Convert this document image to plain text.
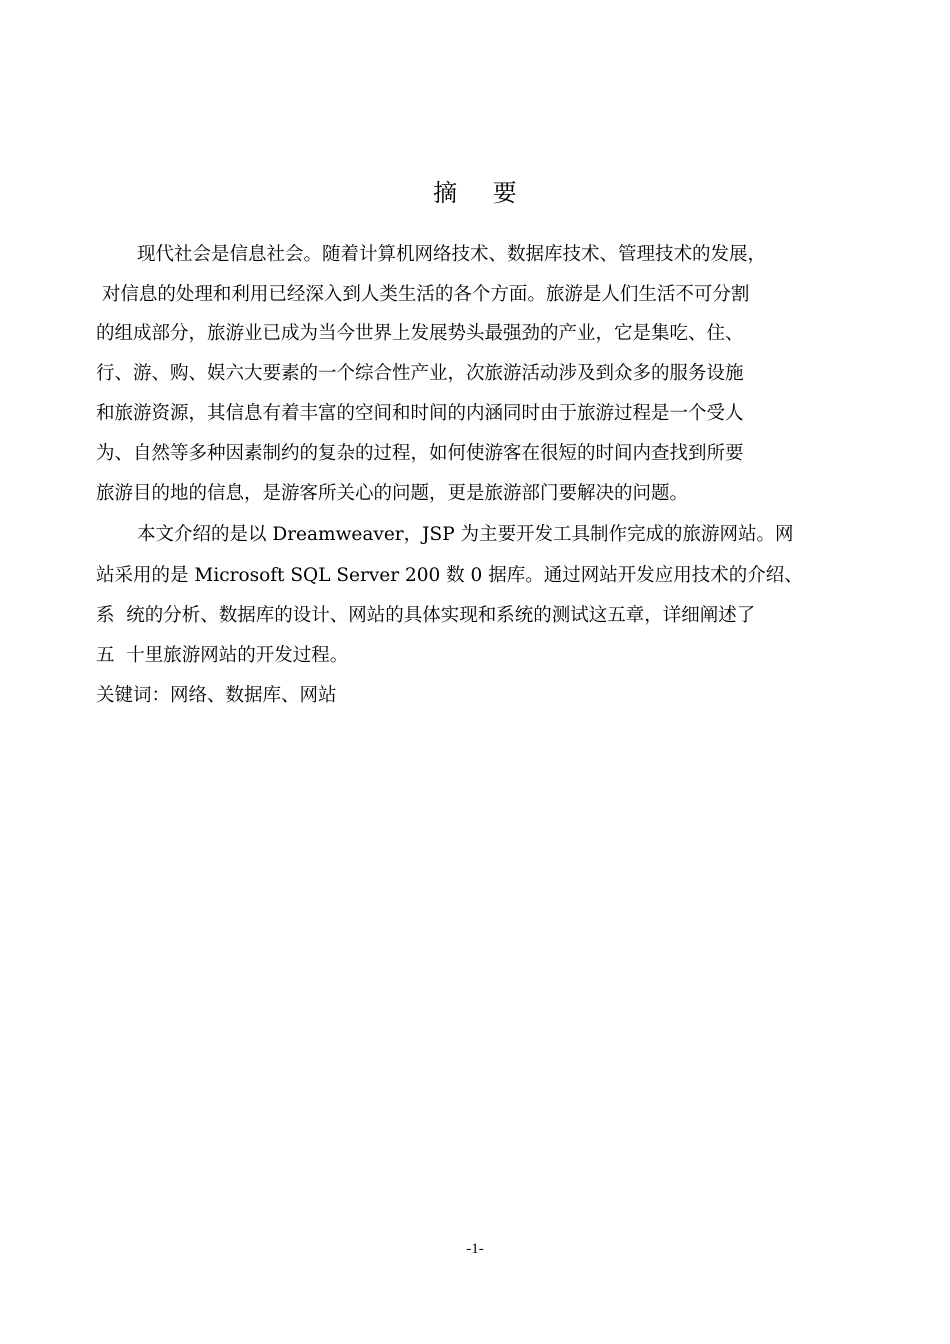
摘 要
现代社会是信息社会。随着计算机网络技术、数据库技术、管理技术的发展，
对信息的处理和利用已经深入到人类生活的各个方面。旅游是人们生活不可分割
的组成部分，旅游业已成为当今世界上发展势头最强劲的产业，它是集吃、住、
行、游、购、娱六大要素的一个综合性产业，次旅游活动涉及到众多的服务设施
和旅游资源，其信息有着丰富的空间和时间的内涵同时由于旅游过程是一个受人
为、自然等多种因素制约的复杂的过程，如何使游客在很短的时间内查找到所要
旅游目的地的信息，是游客所关心的问题，更是旅游部门要解决的问题。
本文介绍的是以 Dreamweaver，JSP 为主要开发工具制作完成的旅游网站。网
站采用的是 Microsoft SQL Server 200 数 0 据库。通过网站开发应用技术的介绍、
系  统的分析、数据库的设计、网站的具体实现和系统的测试这五章，详细阐述了
五  十里旅游网站的开发过程。
关键词：网络、数据库、网站
-1-
